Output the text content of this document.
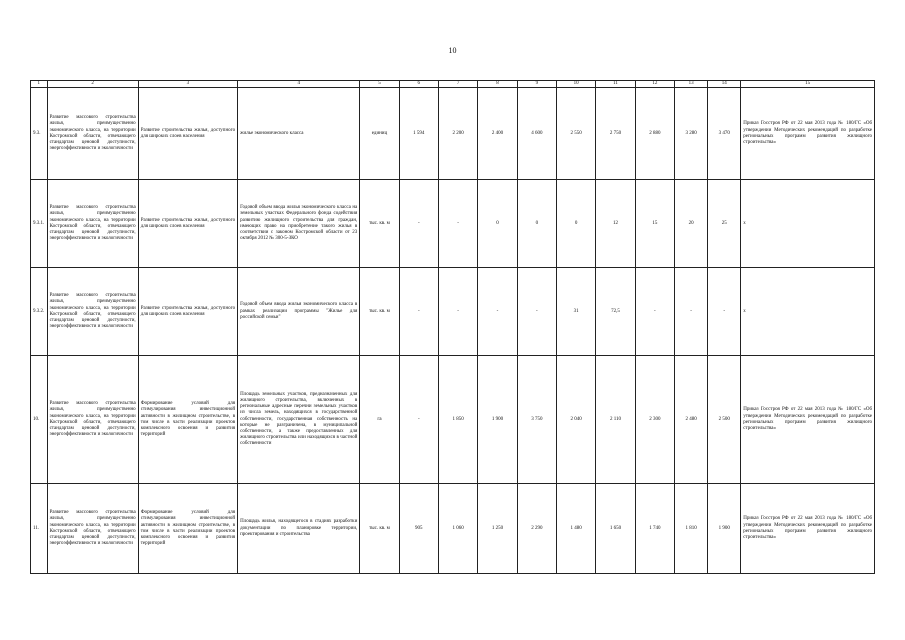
10
1	2	3	4	5	6	7	8	9	10	11	12	13	14	15
9.3.	Развитие массового строительства жилья, преимущественно экономического класса, на территории Костромской области, отвечающего стандартам ценовой доступности, энергоэффективности и экологичности	Развитие строительства жилья, доступного для широких слоев населения	жилье экономического класса	единиц	1 594	2 200	2 400	4 600	2 550	2 750	2 880	3 280	3 470	Приказ Госстроя РФ от 22 мая 2013 года № 180/ГС «Об утверждении Методических рекомендаций по разработке региональных программ развития жилищного строительства»
9.3.1.	Развитие массового строительства жилья, преимущественно экономического класса, на территории Костромской области, отвечающего стандартам ценовой доступности, энергоэффективности и экологичности	Развитие строительства жилья, доступного для широких слоев населения	Годовой объем ввода жилья экономического класса на земельных участках Федерального фонда содействия развитию жилищного строительства для граждан, имеющих право на приобретение такого жилья в соответствии с законом Костромской области от 23 октября 2012 № 300-5-ЗКО	тыс. кв. м	-	-	0	0	0	12	15	20	25	х
9.3.2.	Развитие массового строительства жилья, преимущественно экономического класса, на территории Костромской области, отвечающего стандартам ценовой доступности, энергоэффективности и экологичности	Развитие строительства жилья, доступного для широких слоев населения	Годовой объем ввода жилья экономического класса в рамках реализации программы "Жилье для российской семьи"	тыс. кв. м	-	-	-	-	31	72,5	-	-	-	х
10.	Развитие массового строительства жилья, преимущественно экономического класса, на территории Костромской области, отвечающего стандартам ценовой доступности, энергоэффективности и экологичности	Формирование условий для стимулирования инвестиционной активности в жилищном строительстве, в том числе в части реализации проектов комплексного освоения и развития территорий	Площадь земельных участков, предназначенных для жилищного строительства, включенных в региональные адресные перечни земельных участков из числа земель, находящихся в государственной собственности, государственная собственность на которые не разграничена, в муниципальной собственности, а также предоставленных для жилищного строительства или находящихся в частной собственности	га	-	1 850	1 900	3 750	2 040	2 110	2 300	2 480	2 500	Приказ Госстроя РФ от 22 мая 2013 года № 180/ГС «Об утверждении Методических рекомендаций по разработке региональных программ развития жилищного строительства»
11.	Развитие массового строительства жилья, преимущественно экономического класса, на территории Костромской области, отвечающего стандартам ценовой доступности, энергоэффективности и экологичности	Формирование условий для стимулирования инвестиционной активности в жилищном строительстве, в том числе в части реализации проектов комплексного освоения и развития территорий	Площадь жилья, находящегося в стадиях разработки документации по планировке территории, проектирования и строительства	тыс. кв. м	905	1 060	1 250	2 290	1 480	1 650	1 740	1 810	1 900	Приказ Госстроя РФ от 22 мая 2013 года № 180/ГС «Об утверждении Методических рекомендаций по разработке региональных программ развития жилищного строительства»
